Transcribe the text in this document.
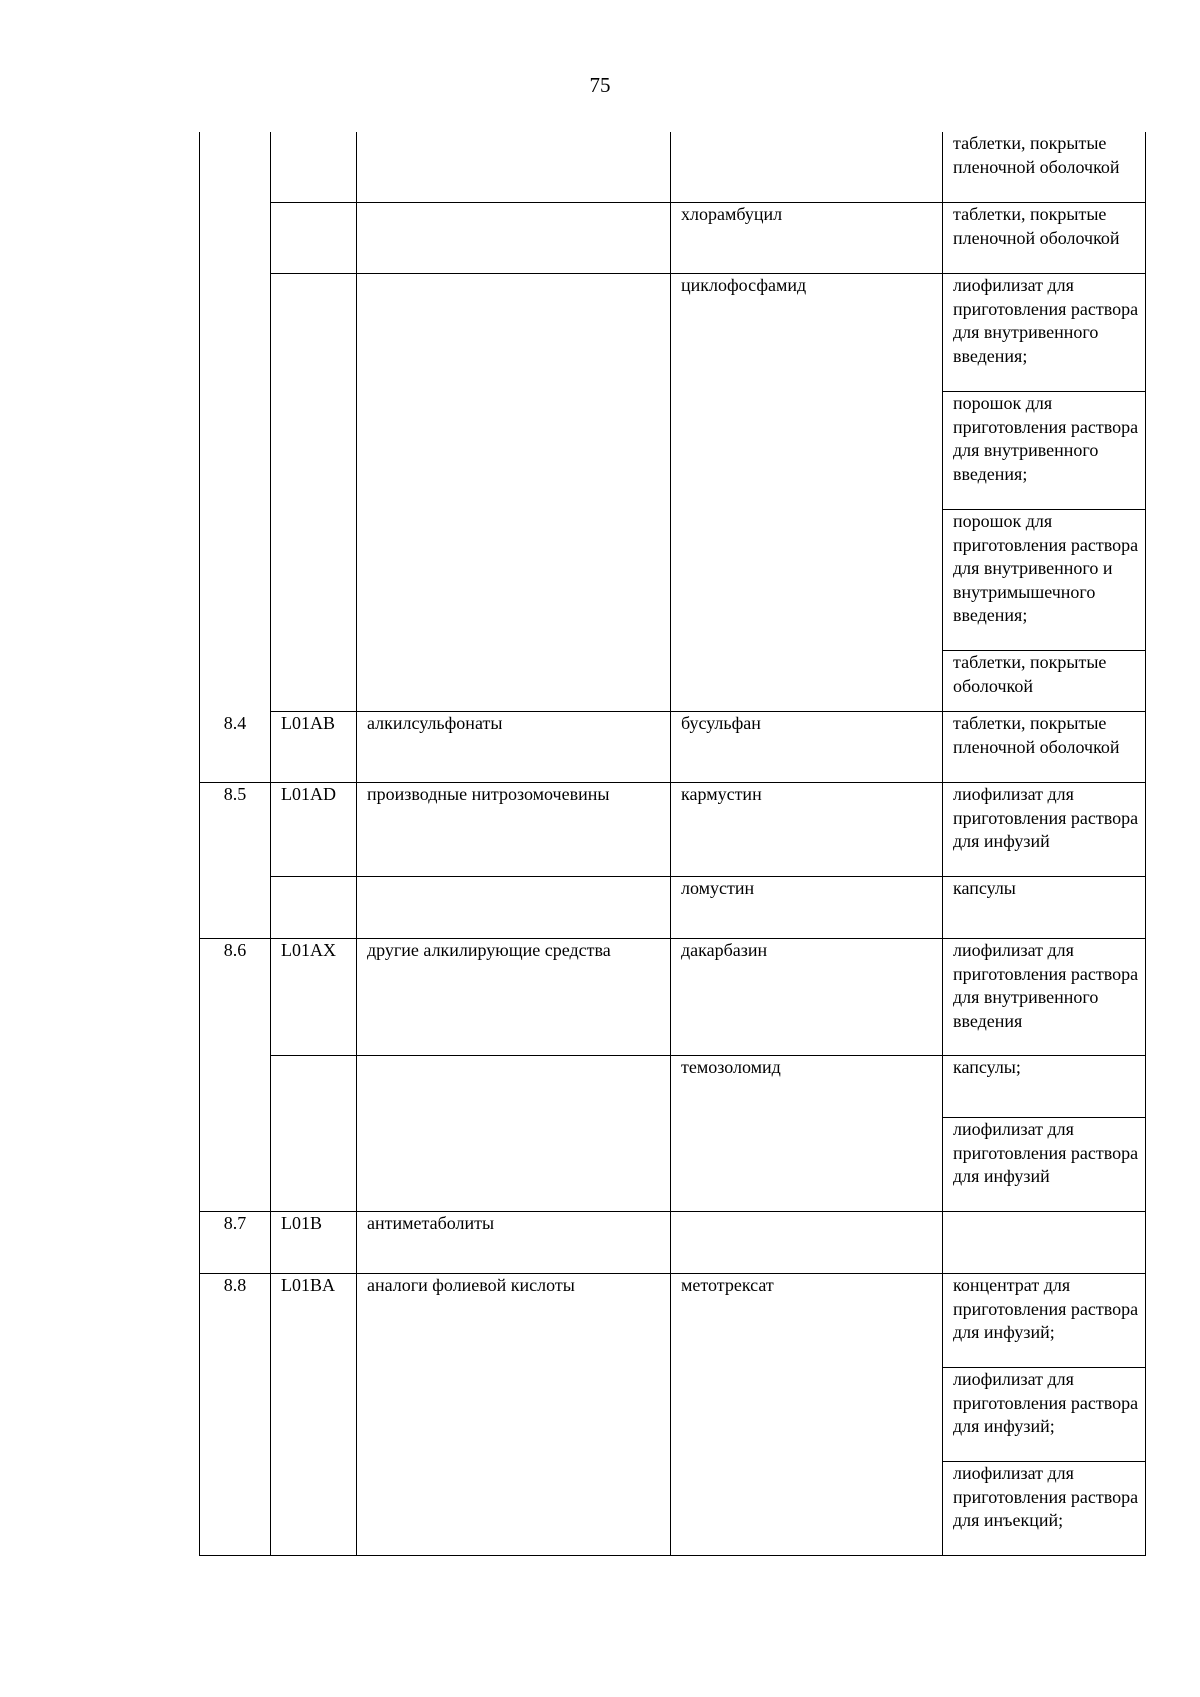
75

				таблетки, покрытые пленочной оболочкой

			хлорамбуцил	таблетки, покрытые пленочной оболочкой

			циклофосфамид	лиофилизат для приготовления раствора для внутривенного введения;

				порошок для приготовления раствора для внутривенного введения;

				порошок для приготовления раствора для внутривенного и внутримышечного введения;

				таблетки, покрытые оболочкой

8.4	L01AB	алкилсульфонаты	бусульфан	таблетки, покрытые пленочной оболочкой

8.5	L01AD	производные нитрозомочевины	кармустин	лиофилизат для приготовления раствора для инфузий

			ломустин	капсулы

8.6	L01AX	другие алкилирующие средства	дакарбазин	лиофилизат для приготовления раствора для внутривенного введения

			темозоломид	капсулы;

				лиофилизат для приготовления раствора для инфузий

8.7	L01B	антиметаболиты		

8.8	L01BA	аналоги фолиевой кислоты	метотрексат	концентрат для приготовления раствора для инфузий;

				лиофилизат для приготовления раствора для инфузий;

				лиофилизат для приготовления раствора для инъекций;
